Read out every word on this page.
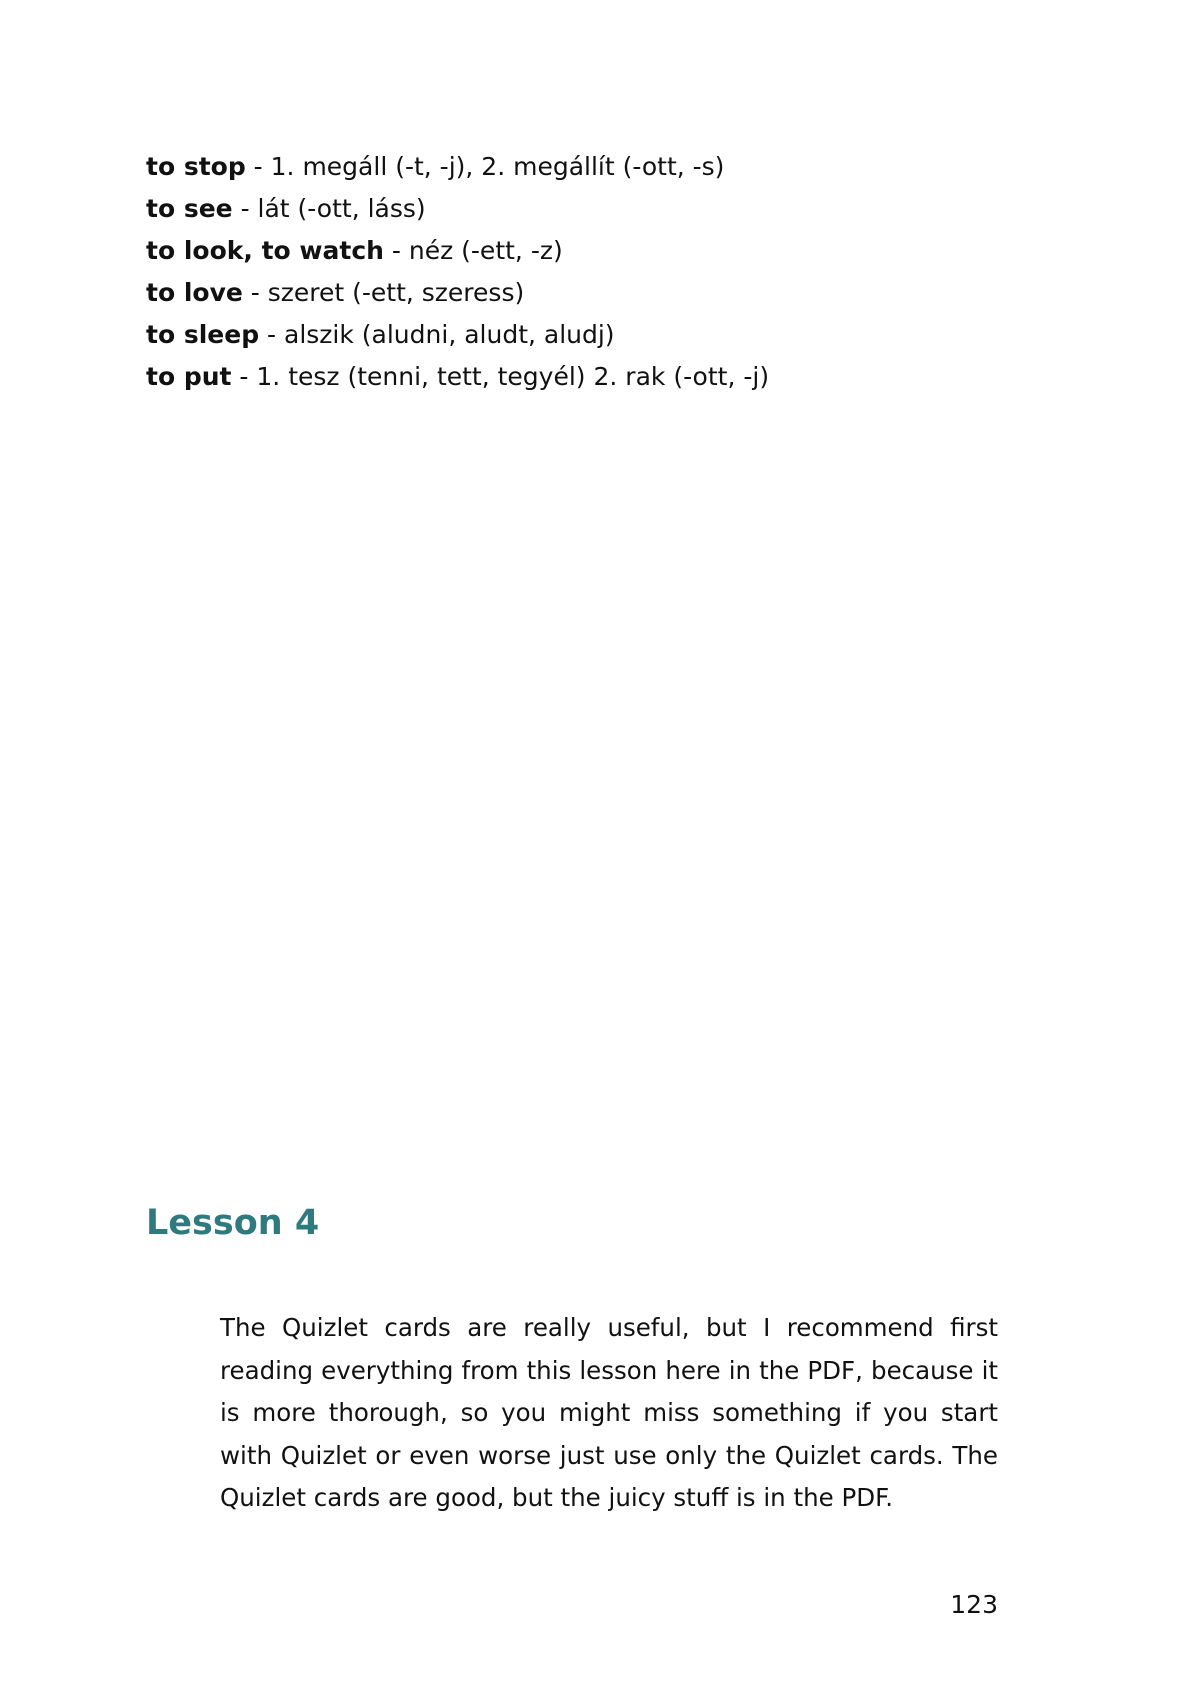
to stop - 1. megáll (-t, -j), 2. megállít (-ott, -s)
to see - lát (-ott, láss)
to look, to watch - néz (-ett, -z)
to love - szeret (-ett, szeress)
to sleep - alszik (aludni, aludt, aludj)
to put - 1. tesz (tenni, tett, tegyél) 2. rak (-ott, -j)
Lesson 4

The Quizlet cards are really useful, but I recommend first reading everything from this lesson here in the PDF, because it is more thorough, so you might miss something if you start with Quizlet or even worse just use only the Quizlet cards. The Quizlet cards are good, but the juicy stuff is in the PDF.

123
